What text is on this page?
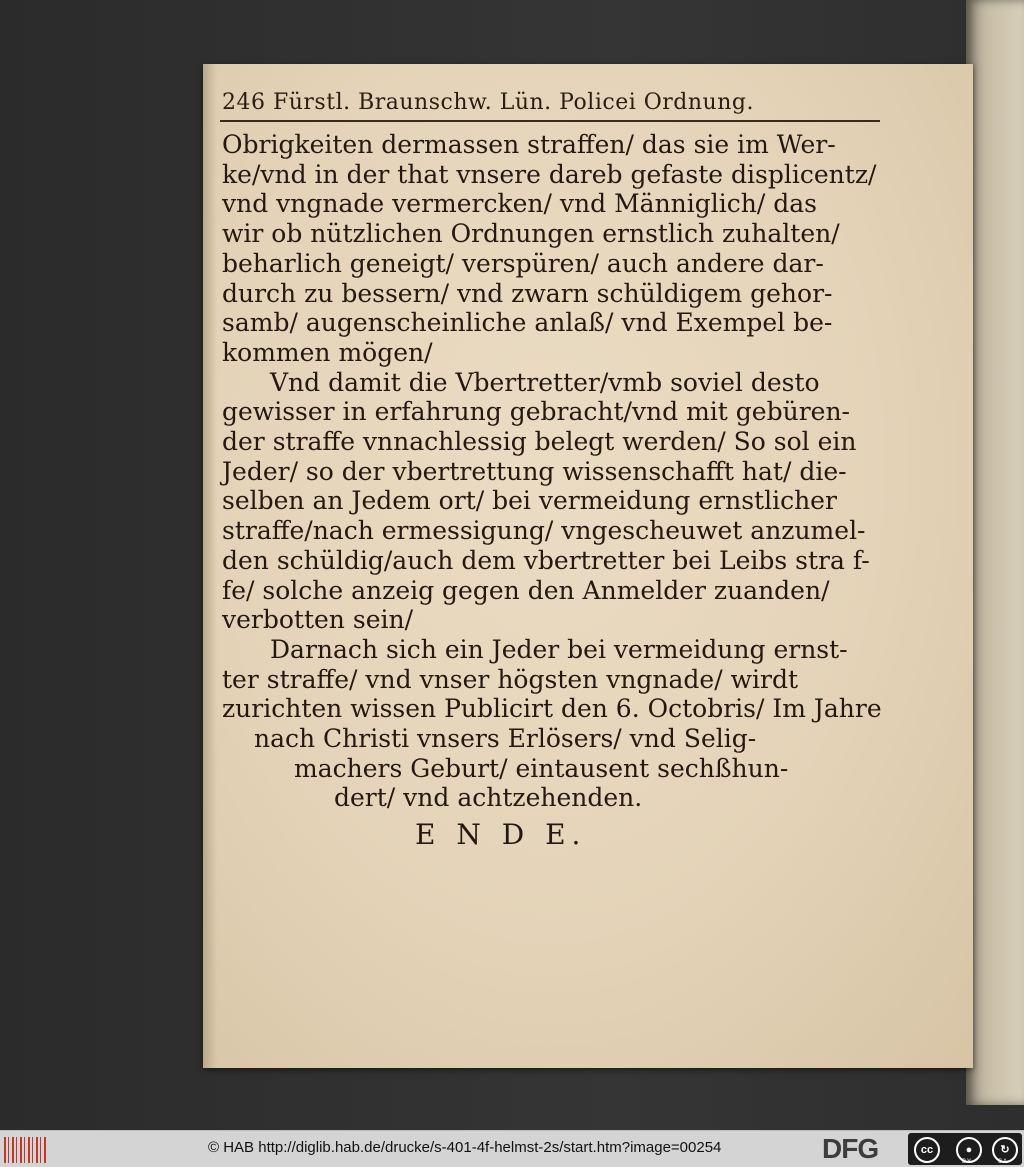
246 Fürstl. Braunschw. Lün. Policei Ordnung.
Obrigkeiten dermassen straffen/ das sie im Wer-
ke/vnd in der that vnsere dareb gefaste displicentz/
vnd vngnade vermercken/ vnd Männiglich/ das
wir ob nützlichen Ordnungen ernstlich zuhalten/
beharlich geneigt/ verspüren/ auch andere dar-
durch zu bessern/ vnd zwarn schüldigem gehor-
samb/ augenscheinliche anlaß/ vnd Exempel be-
kommen mögen/
Vnd damit die Vbertretter/vmb soviel desto
gewisser in erfahrung gebracht/vnd mit gebüren-
der straffe vnnachlessig belegt werden/ So sol ein
Jeder/ so der vbertrettung wissenschafft hat/ die-
selben an Jedem ort/ bei vermeidung ernstlicher
straffe/nach ermessigung/ vngescheuwet anzumel-
den schüldig/auch dem vbertretter bei Leibs stra f-
fe/ solche anzeig gegen den Anmelder zuanden/
verbotten sein/
Darnach sich ein Jeder bei vermeidung ernst-
ter straffe/ vnd vnser högsten vngnade/ wirdt
zurichten wissen Publicirt den 6. Octobris/ Im Jahre
nach Christi vnsers Erlösers/ vnd Selig-
machers Geburt/ eintausent sechßhun-
dert/ vnd achtzehenden.
E N D E.
© HAB http://diglib.hab.de/drucke/s-401-4f-helmst-2s/start.htm?image=00254	DFG	cc	●	↻
BY	SA
